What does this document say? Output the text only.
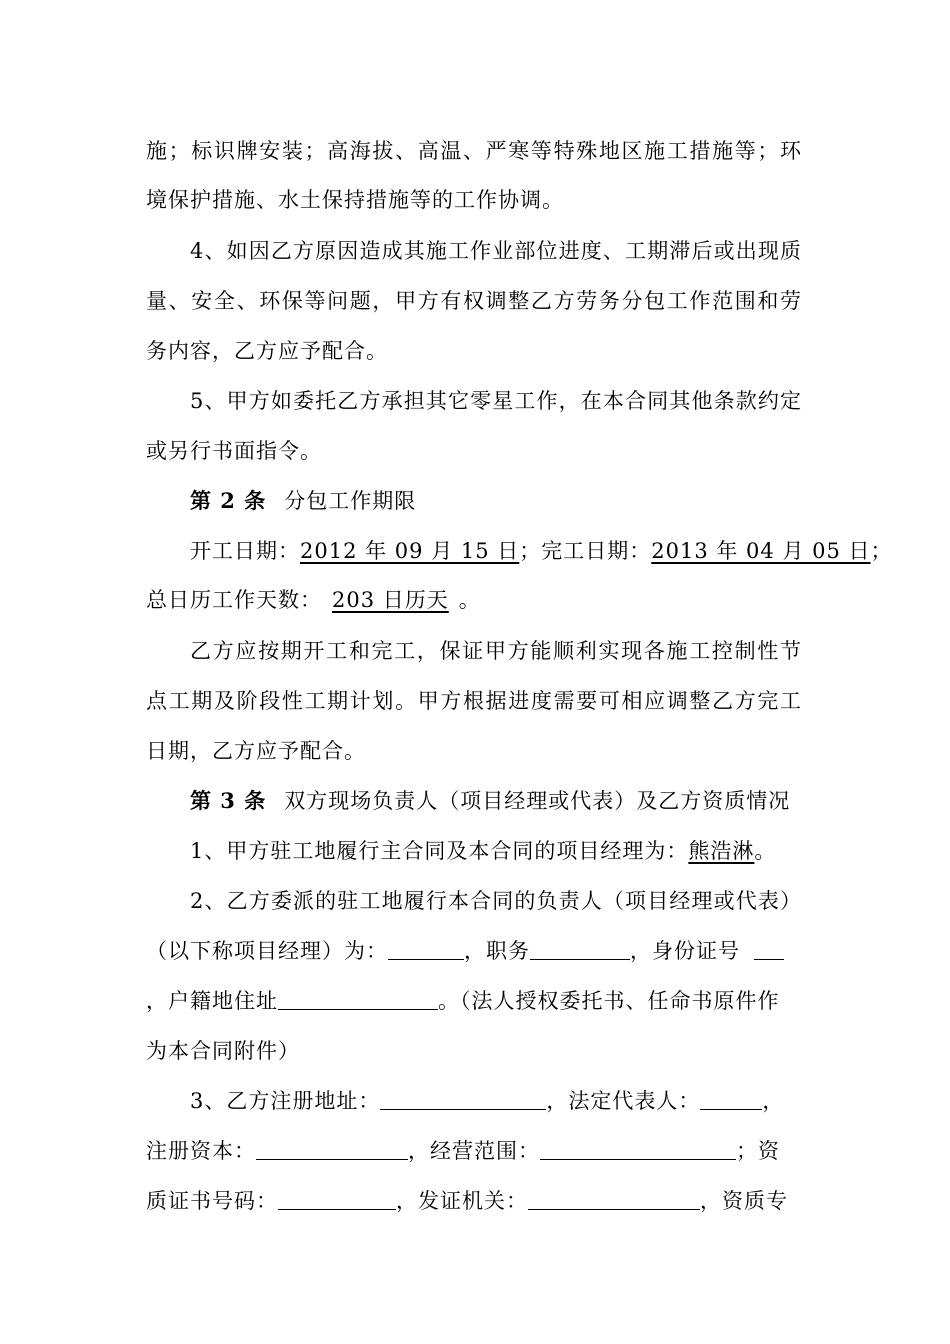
施；标识牌安装；高海拔、高温、严寒等特殊地区施工措施等；环
境保护措施、水土保持措施等的工作协调。
4、如因乙方原因造成其施工作业部位进度、工期滞后或出现质
量、安全、环保等问题，甲方有权调整乙方劳务分包工作范围和劳
务内容，乙方应予配合。
5、甲方如委托乙方承担其它零星工作，在本合同其他条款约定
或另行书面指令。
第 2 条 分包工作期限
开工日期：2012 年 09 月 15 日；完工日期：2013 年 04 月 05 日；
总日历工作天数： 203 日历天 。
乙方应按期开工和完工，保证甲方能顺利实现各施工控制性节
点工期及阶段性工期计划。甲方根据进度需要可相应调整乙方完工
日期，乙方应予配合。
第 3 条 双方现场负责人（项目经理或代表）及乙方资质情况
1、甲方驻工地履行主合同及本合同的项目经理为：熊浩淋。
2、乙方委派的驻工地履行本合同的负责人（项目经理或代表）
（以下称项目经理）为：	，职务	，身份证号
，户籍地住址	。（法人授权委托书、任命书原件作
为本合同附件）
3、乙方注册地址：	，法定代表人：	，
注册资本：	，经营范围：	；资
质证书号码：	，发证机关：	，资质专
